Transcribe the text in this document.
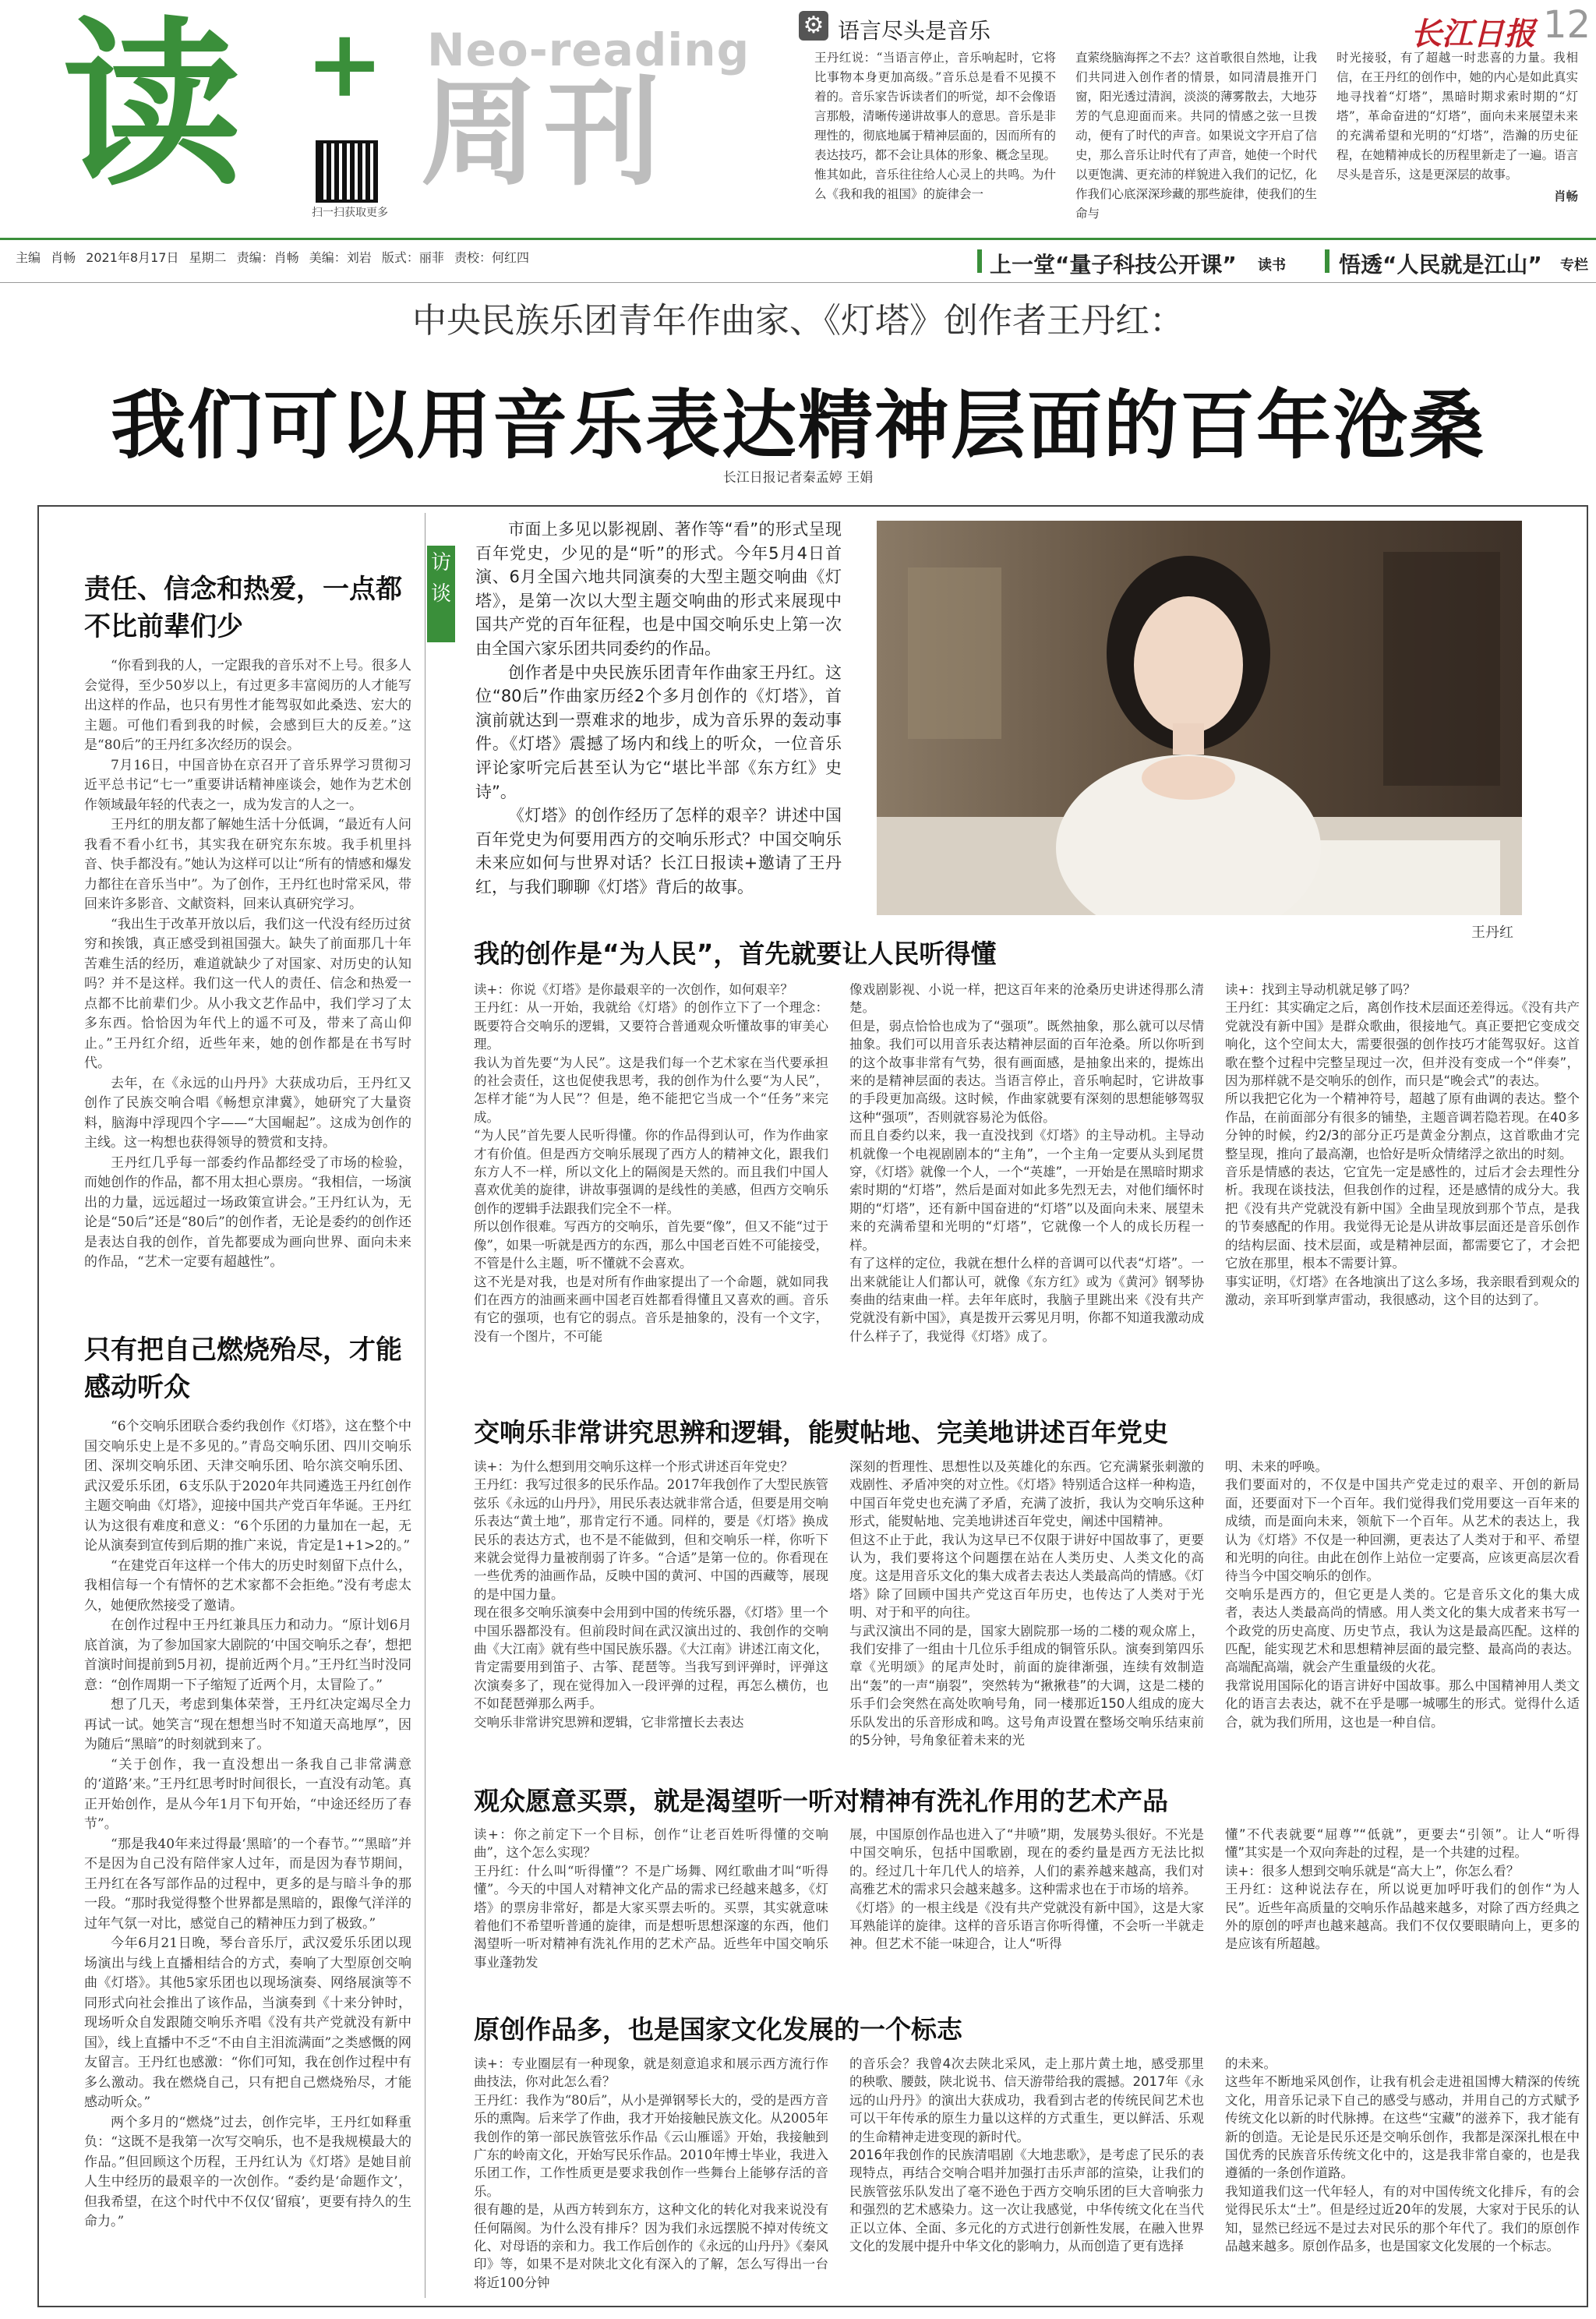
读 + Neo-reading
周刊
扫一扫获取更多
⚙ 语言尽头是音乐	长江日报 12
王丹红说：“当语言停止，音乐响起时，它将比事物本身更加高级。”音乐总是看不见摸不着的。音乐家告诉读者们的听觉，却不会像语言那般，清晰传递讲故事人的意思。音乐是非理性的，彻底地属于精神层面的，因而所有的表达技巧，都不会让具体的形象、概念呈现。惟其如此，音乐往往给人心灵上的共鸣。为什么《我和我的祖国》的旋律会一
直萦绕脑海挥之不去？这首歌很自然地，让我们共同进入创作者的情景，如同清晨推开门窗，阳光透过清润，淡淡的薄雾散去，大地芬芳的气息迎面而来。共同的情感之弦一旦拨动，便有了时代的声音。如果说文字开启了信史，那么音乐让时代有了声音，她使一个时代以更饱满、更充沛的样貌进入我们的记忆，化作我们心底深深珍藏的那些旋律，使我们的生命与
时光接驳，有了超越一时悲喜的力量。我相信，在王丹红的创作中，她的内心是如此真实地寻找着“灯塔”，黑暗时期求索时期的“灯塔”，革命奋进的“灯塔”，面向未来展望未来的充满希望和光明的“灯塔”，浩瀚的历史征程，在她精神成长的历程里新走了一遍。语言尽头是音乐，这是更深层的故事。
肖畅
主编 肖畅 2021年8月17日 星期二 责编：肖畅 美编：刘岩 版式：丽菲 责校：何红四	上一堂“量子科技公开课” 读书 悟透“人民就是江山” 专栏
中央民族乐团青年作曲家、《灯塔》创作者王丹红：
我们可以用音乐表达精神层面的百年沧桑
长江日报记者秦孟婷 王娟
访谈
责任、信念和热爱，一点都不比前辈们少

“你看到我的人，一定跟我的音乐对不上号。很多人会觉得，至少50岁以上，有过更多丰富阅历的人才能写出这样的作品，也只有男性才能驾驭如此桑迭、宏大的主题。可他们看到我的时候，会感到巨大的反差。”这是“80后”的王丹红多次经历的误会。

7月16日，中国音协在京召开了音乐界学习贯彻习近平总书记“七一”重要讲话精神座谈会，她作为艺术创作领域最年轻的代表之一，成为发言的人之一。

王丹红的朋友都了解她生活十分低调，“最近有人问我看不看小红书，其实我在研究东东坡。我手机里抖音、快手都没有。”她认为这样可以让“所有的情感和爆发力都往在音乐当中”。为了创作，王丹红也时常采风，带回来许多影音、文献资料，回来认真研究学习。

“我出生于改革开放以后，我们这一代没有经历过贫穷和挨饿，真正感受到祖国强大。缺失了前面那几十年苦难生活的经历，难道就缺少了对国家、对历史的认知吗？并不是这样。我们这一代人的责任、信念和热爱一点都不比前辈们少。从小我文艺作品中，我们学习了太多东西。恰恰因为年代上的遥不可及，带来了高山仰止。”王丹红介绍，近些年来，她的创作都是在书写时代。

去年，在《永远的山丹丹》大获成功后，王丹红又创作了民族交响合唱《畅想京津冀》，她研究了大量资料，脑海中浮现四个字——“大国崛起”。这成为创作的主线。这一构想也获得领导的赞赏和支持。

王丹红几乎每一部委约作品都经受了市场的检验，而她创作的作品，都不用太担心票房。“我相信，一场演出的力量，远远超过一场政策宣讲会。”王丹红认为，无论是“50后”还是“80后”的创作者，无论是委约的创作还是表达自我的创作，首先都要成为画向世界、面向未来的作品，“艺术一定要有超越性”。

只有把自己燃烧殆尽，才能感动听众

“6个交响乐团联合委约我创作《灯塔》，这在整个中国交响乐史上是不多见的。”青岛交响乐团、四川交响乐团、深圳交响乐团、天津交响乐团、哈尔滨交响乐团、武汉爱乐乐团，6支乐队于2020年共同遴选王丹红创作主题交响曲《灯塔》，迎接中国共产党百年华诞。王丹红认为这很有难度和意义：“6个乐团的力量加在一起，无论从演奏到宣传到后期的推广来说，肯定是1+1>2的。”

“在建党百年这样一个伟大的历史时刻留下点什么，我相信每一个有情怀的艺术家都不会拒绝。”没有考虑太久，她便欣然接受了邀请。

在创作过程中王丹红兼具压力和动力。“原计划6月底首演，为了参加国家大剧院的‘中国交响乐之春’，想把首演时间提前到5月初，提前近两个月。”王丹红当时没同意：“创作周期一下子缩短了近两个月，太冒险了。”

想了几天，考虑到集体荣誉，王丹红决定竭尽全力再试一试。她笑言“现在想想当时不知道天高地厚”，因为随后“黑暗”的时刻就到来了。

“关于创作，我一直没想出一条我自己非常满意的‘道路’来。”王丹红思考时时间很长，一直没有动笔。真正开始创作，是从今年1月下旬开始，“中途还经历了春节”。

“那是我40年来过得最‘黑暗’的一个春节。”“黑暗”并不是因为自己没有陪伴家人过年，而是因为春节期间，王丹红在各写部作品的过程中，更多的是与暗斗争的那一段。“那时我觉得整个世界都是黑暗的，跟像气洋洋的过年气氛一对比，感觉自己的精神压力到了极致。”

今年6月21日晚，琴台音乐厅，武汉爱乐乐团以现场演出与线上直播相结合的方式，奏响了大型原创交响曲《灯塔》。其他5家乐团也以现场演奏、网络展演等不同形式向社会推出了该作品，当演奏到《十来分钟时，现场听众自发跟随交响乐齐唱《没有共产党就没有新中国》，线上直播中不乏“不由自主泪流满面”之类感慨的网友留言。王丹红也感激：“你们可知，我在创作过程中有多么激动。我在燃烧自己，只有把自己燃烧殆尽，才能感动听众。”

两个多月的“燃烧”过去，创作完毕，王丹红如释重负：“这既不是我第一次写交响乐，也不是我规模最大的作品。”但回顾这个历程，王丹红认为《灯塔》是她目前人生中经历的最艰辛的一次创作。“委约是‘命题作文’，但我希望，在这个时代中不仅仅‘留痕’，更要有持久的生命力。”

市面上多见以影视剧、著作等“看”的形式呈现百年党史，少见的是“听”的形式。今年5月4日首演、6月全国六地共同演奏的大型主题交响曲《灯塔》，是第一次以大型主题交响曲的形式来展现中国共产党的百年征程，也是中国交响乐史上第一次由全国六家乐团共同委约的作品。

创作者是中央民族乐团青年作曲家王丹红。这位“80后”作曲家历经2个多月创作的《灯塔》，首演前就达到一票难求的地步，成为音乐界的轰动事件。《灯塔》震撼了场内和线上的听众，一位音乐评论家听完后甚至认为它“堪比半部《东方红》史诗”。

《灯塔》的创作经历了怎样的艰辛？讲述中国百年党史为何要用西方的交响乐形式？中国交响乐未来应如何与世界对话？长江日报读+邀请了王丹红，与我们聊聊《灯塔》背后的故事。

王丹红
我的创作是“为人民”，首先就要让人民听得懂
读+：你说《灯塔》是你最艰辛的一次创作，如何艰辛？
王丹红：从一开始，我就给《灯塔》的创作立下了一个理念：既要符合交响乐的逻辑，又要符合普通观众听懂故事的审美心理。
我认为首先要“为人民”。这是我们每一个艺术家在当代要承担的社会责任，这也促使我思考，我的创作为什么要“为人民”，怎样才能“为人民”？但是，绝不能把它当成一个“任务”来完成。
“为人民”首先要人民听得懂。你的作品得到认可，作为作曲家才有价值。但是西方交响乐展现了西方人的精神文化，跟我们东方人不一样，所以文化上的隔阂是天然的。而且我们中国人喜欢优美的旋律，讲故事强调的是线性的美感，但西方交响乐创作的逻辑手法跟我们完全不一样。
所以创作很难。写西方的交响乐，首先要“像”，但又不能“过于像”，如果一听就是西方的东西，那么中国老百姓不可能接受，不管是什么主题，听不懂就不会喜欢。
这不光是对我，也是对所有作曲家提出了一个命题，就如同我们在西方的油画来画中国老百姓都看得懂且又喜欢的画。音乐有它的强项，也有它的弱点。音乐是抽象的，没有一个文字，没有一个图片，不可能
像戏剧影视、小说一样，把这百年来的沧桑历史讲述得那么清楚。
但是，弱点恰恰也成为了“强项”。既然抽象，那么就可以尽情抽象。我们可以用音乐表达精神层面的百年沧桑。所以你听到的这个故事非常有气势，很有画面感，是抽象出来的，提炼出来的是精神层面的表达。当语言停止，音乐响起时，它讲故事的手段更加高级。这时候，作曲家就要有深刻的思想能够驾驭这种“强项”，否则就容易沦为低俗。
而且自委约以来，我一直没找到《灯塔》的主导动机。主导动机就像一个电视剧剧本的“主角”，一个主角一定要从头到尾贯穿，《灯塔》就像一个人，一个“英雄”，一开始是在黑暗时期求索时期的“灯塔”，然后是面对如此多先烈无去，对他们缅怀时期的“灯塔”，还有新中国奋进的“灯塔”以及面向未来、展望未来的充满希望和光明的“灯塔”，它就像一个人的成长历程一样。
有了这样的定位，我就在想什么样的音调可以代表“灯塔”。一出来就能让人们都认可，就像《东方红》或为《黄河》钢琴协奏曲的结束曲一样。去年年底时，我脑子里跳出来《没有共产党就没有新中国》，真是拨开云雾见月明，你都不知道我激动成什么样子了，我觉得《灯塔》成了。
读+：找到主导动机就足够了吗？
王丹红：其实确定之后，离创作技术层面还差得远。《没有共产党就没有新中国》是群众歌曲，很接地气。真正要把它变成交响化，这个空间太大，需要很强的创作技巧才能驾驭好。这首歌在整个过程中完整呈现过一次，但并没有变成一个“伴奏”，因为那样就不是交响乐的创作，而只是“晚会式”的表达。
所以我把它化为一个精神符号，超越了原有曲调的表达。整个作品，在前面部分有很多的铺垫，主题音调若隐若现。在40多分钟的时候，约2/3的部分正巧是黄金分割点，这首歌曲才完整呈现，推向了最高潮，也恰好是听众情绪浮之欲出的时刻。
音乐是情感的表达，它宜先一定是感性的，过后才会去理性分析。我现在谈技法，但我创作的过程，还是感情的成分大。我把《没有共产党就没有新中国》全曲呈现放到那个节点，是我的节奏感配的作用。我觉得无论是从讲故事层面还是音乐创作的结构层面、技术层面，或是精神层面，都需要它了，才会把它放在那里，根本不需要计算。
事实证明，《灯塔》在各地演出了这么多场，我亲眼看到观众的激动，亲耳听到掌声雷动，我很感动，这个目的达到了。
交响乐非常讲究思辨和逻辑，能熨帖地、完美地讲述百年党史
读+：为什么想到用交响乐这样一个形式讲述百年党史？
王丹红：我写过很多的民乐作品。2017年我创作了大型民族管弦乐《永远的山丹丹》，用民乐表达就非常合适，但要是用交响乐表达“黄土地”，那肯定行不通。同样的，要是《灯塔》换成民乐的表达方式，也不是不能做到，但和交响乐一样，你听下来就会觉得力量被削弱了许多。“合适”是第一位的。你看现在一些优秀的油画作品，反映中国的黄河、中国的西藏等，展现的是中国力量。
现在很多交响乐演奏中会用到中国的传统乐器，《灯塔》里一个中国乐器都没有。但前段时间在武汉演出过的、我创作的交响曲《大江南》就有些中国民族乐器。《大江南》讲述江南文化，肯定需要用到笛子、古筝、琵琶等。当我写到评弹时，评弹这次演奏多了，现在觉得加入一段评弹的过程，再怎么横仿，也不如琵琶弹那么两手。
交响乐非常讲究思辨和逻辑，它非常擅长去表达
深刻的哲理性、思想性以及英雄化的东西。它充满紧张刺激的戏剧性、矛盾冲突的对立性。《灯塔》特别适合这样一种构造，中国百年党史也充满了矛盾，充满了波折，我认为交响乐这种形式，能熨帖地、完美地讲述百年党史，阐述中国精神。
但这不止于此，我认为这早已不仅限于讲好中国故事了，更要认为，我们要将这个问题摆在站在人类历史、人类文化的高度。这是用音乐文化的集大成者去表达人类最高尚的情感。《灯塔》除了回顾中国共产党这百年历史，也传达了人类对于光明、对于和平的向往。
与武汉演出不同的是，国家大剧院那一场的二楼的观众席上，我们安排了一组由十几位乐手组成的铜管乐队。演奏到第四乐章《光明颂》的尾声处时，前面的旋律渐强，连续有效制造出“轰”的一声“崩裂”，突然转为“揪揪巷”的大调，这是二楼的乐手们会突然在高处吹响号角，同一楼那近150人组成的庞大乐队发出的乐音形成和鸣。这号角声设置在整场交响乐结束前的5分钟，号角象征着未来的光
明、未来的呼唤。
我们要面对的，不仅是中国共产党走过的艰辛、开创的新局面，还要面对下一个百年。我们觉得我们党用要这一百年来的成绩，而是面向未来，领航下一个百年。从艺术的表达上，我认为《灯塔》不仅是一种回溯，更表达了人类对于和平、希望和光明的向往。由此在创作上站位一定要高，应该更高层次看待当今中国交响乐的创作。
交响乐是西方的，但它更是人类的。它是音乐文化的集大成者，表达人类最高尚的情感。用人类文化的集大成者来书写一个政党的历史高度、历史节点，我认为这是最高匹配。这样的匹配，能实现艺术和思想精神层面的最完整、最高尚的表达。高端配高端，就会产生重量级的火花。
我常说用国际化的语言讲好中国故事。那么中国精神用人类文化的语言去表达，就不在乎是哪一城哪生的形式。觉得什么适合，就为我们所用，这也是一种自信。
观众愿意买票，就是渴望听一听对精神有洗礼作用的艺术产品
读+：你之前定下一个目标，创作“让老百姓听得懂的交响曲”，这个怎么实现？
王丹红：什么叫“听得懂”？不是广场舞、网红歌曲才叫“听得懂”。今天的中国人对精神文化产品的需求已经越来越多，《灯塔》的票房非常好，都是大家买票去听的。买票，其实就意味着他们不希望听普通的旋律，而是想听思想深邃的东西，他们渴望听一听对精神有洗礼作用的艺术产品。近些年中国交响乐事业蓬勃发
展，中国原创作品也进入了“井喷”期，发展势头很好。不光是中国交响乐，包括中国歌剧，现在的委约量是西方无法比拟的。经过几十年几代人的培养，人们的素养越来越高，我们对高雅艺术的需求只会越来越多。这种需求也在于市场的培养。
《灯塔》的一根主线是《没有共产党就没有新中国》，这是大家耳熟能详的旋律。这样的音乐语言你听得懂，不会听一半就走神。但艺术不能一味迎合，让人“听得
懂”不代表就要“屈尊”“低就”，更要去“引领”。让人“听得懂”其实是一个双向奔赴的过程，是一个共建的过程。
读+：很多人想到交响乐就是“高大上”，你怎么看？
王丹红：这种说法存在，所以说更加呼吁我们的创作“为人民”。近些年高质量的交响乐作品越来越多，对除了西方经典之外的原创的呼声也越来越高。我们不仅仅要眼睛向上，更多的是应该有所超越。
原创作品多，也是国家文化发展的一个标志
读+：专业圈层有一种现象，就是刻意追求和展示西方流行作曲技法，你对此怎么看？
王丹红：我作为“80后”，从小是弹钢琴长大的，受的是西方音乐的熏陶。后来学了作曲，我才开始接触民族文化。从2005年我创作的第一部民族管弦乐作品《云山雁谣》开始，我接触到广东的岭南文化，开始写民乐作品。2010年博士毕业，我进入乐团工作，工作性质更是要求我创作一些舞台上能够存活的音乐。
很有趣的是，从西方转到东方，这种文化的转化对我来说没有任何隔阂。为什么没有排斥？因为我们永远摆脱不掉对传统文化、对母语的亲和力。我工作后创作的《永远的山丹丹》《秦风印》等，如果不是对陕北文化有深入的了解，怎么写得出一台将近100分钟
的音乐会？我曾4次去陕北采风，走上那片黄土地，感受那里的秧歌、腰鼓，陕北说书、信天游带给我的震撼。2017年《永远的山丹丹》的演出大获成功，我看到古老的传统民间艺术也可以干年传承的原生力量以这样的方式重生，更以鲜活、乐观的生命精神走进变现的新时代。
2016年我创作的民族清唱剧《大地悲歌》，是考虑了民乐的表现特点，再结合交响合唱并加强打击乐声部的渲染，让我们的民族管弦乐队发出了毫不逊色于西方交响乐团的巨大音响张力和强烈的艺术感染力。这一次让我感觉，中华传统文化在当代正以立体、全面、多元化的方式进行创新性发展，在融入世界文化的发展中提升中华文化的影响力，从而创造了更有选择
的未来。
这些年不断地采风创作，让我有机会走进祖国博大精深的传统文化，用音乐记录下自己的感受与感动，并用自己的方式赋予传统文化以新的时代脉搏。在这些“宝藏”的滋养下，我才能有新的创造。无论是民乐还是交响乐创作，我都是深深扎根在中国优秀的民族音乐传统文化中的，这是我非常自豪的，也是我遵循的一条创作道路。
我知道我们这一代年轻人，有的对中国传统文化排斥，有的会觉得民乐太“土”。但是经过近20年的发展，大家对于民乐的认知，显然已经远不是过去对民乐的那个年代了。我们的原创作品越来越多。原创作品多，也是国家文化发展的一个标志。
